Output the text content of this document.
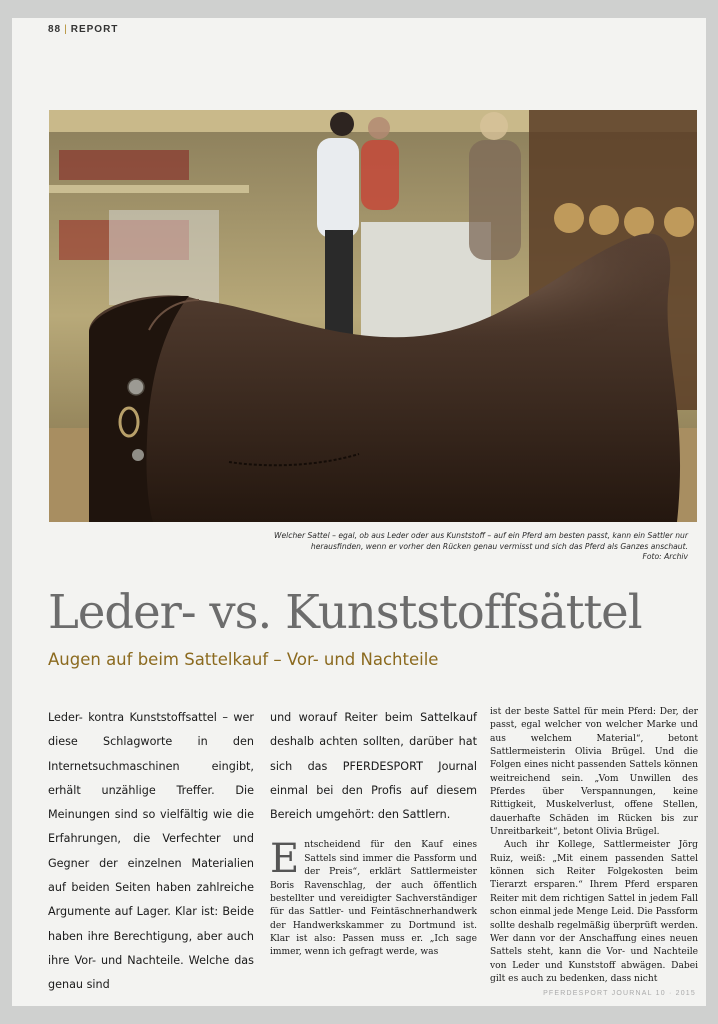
88 | REPORT
Welcher Sattel – egal, ob aus Leder oder aus Kunststoff – auf ein Pferd am besten passt, kann ein Sattler nur herausfinden, wenn er vorher den Rücken genau vermisst und sich das Pferd als Ganzes anschaut.
Foto: Archiv
Leder- vs. Kunststoffsättel
Augen auf beim Sattelkauf – Vor- und Nachteile

Leder- kontra Kunststoffsattel – wer diese Schlagworte in den Internetsuchmaschinen eingibt, erhält unzählige Treffer. Die Meinungen sind so vielfältig wie die Erfahrungen, die Verfechter und Gegner der einzelnen Materialien auf beiden Seiten haben zahlreiche Argumente auf Lager. Klar ist: Beide haben ihre Berechtigung, aber auch ihre Vor- und Nachteile. Welche das genau sind

und worauf Reiter beim Sattelkauf deshalb achten sollten, darüber hat sich das PFERDESPORT Journal einmal bei den Profis auf diesem Bereich umgehört: den Sattlern.

Entscheidend für den Kauf eines Sattels sind immer die Passform und der Preis“, erklärt Sattlermeister Boris Ravenschlag, der auch öffentlich bestellter und vereidigter Sachverständiger für das Sattler- und Feintäschnerhandwerk der Handwerkskammer zu Dortmund ist. Klar ist also: Passen muss er. „Ich sage immer, wenn ich gefragt werde, was

ist der beste Sattel für mein Pferd: Der, der passt, egal welcher von welcher Marke und aus welchem Material“, betont Sattlermeisterin Olivia Brügel. Und die Folgen eines nicht passenden Sattels können weitreichend sein. „Vom Unwillen des Pferdes über Verspannungen, keine Rittigkeit, Muskelverlust, offene Stellen, dauerhafte Schäden im Rücken bis zur Unreitbarkeit“, betont Olivia Brügel.

Auch ihr Kollege, Sattlermeister Jörg Ruiz, weiß: „Mit einem passenden Sattel können sich Reiter Folgekosten beim Tierarzt ersparen.“ Ihrem Pferd ersparen Reiter mit dem richtigen Sattel in jedem Fall schon einmal jede Menge Leid. Die Passform sollte deshalb regelmäßig überprüft werden. Wer dann vor der Anschaffung eines neuen Sattels steht, kann die Vor- und Nachteile von Leder und Kunststoff abwägen. Dabei gilt es auch zu bedenken, dass nicht

PFERDESPORT JOURNAL 10 · 2015
